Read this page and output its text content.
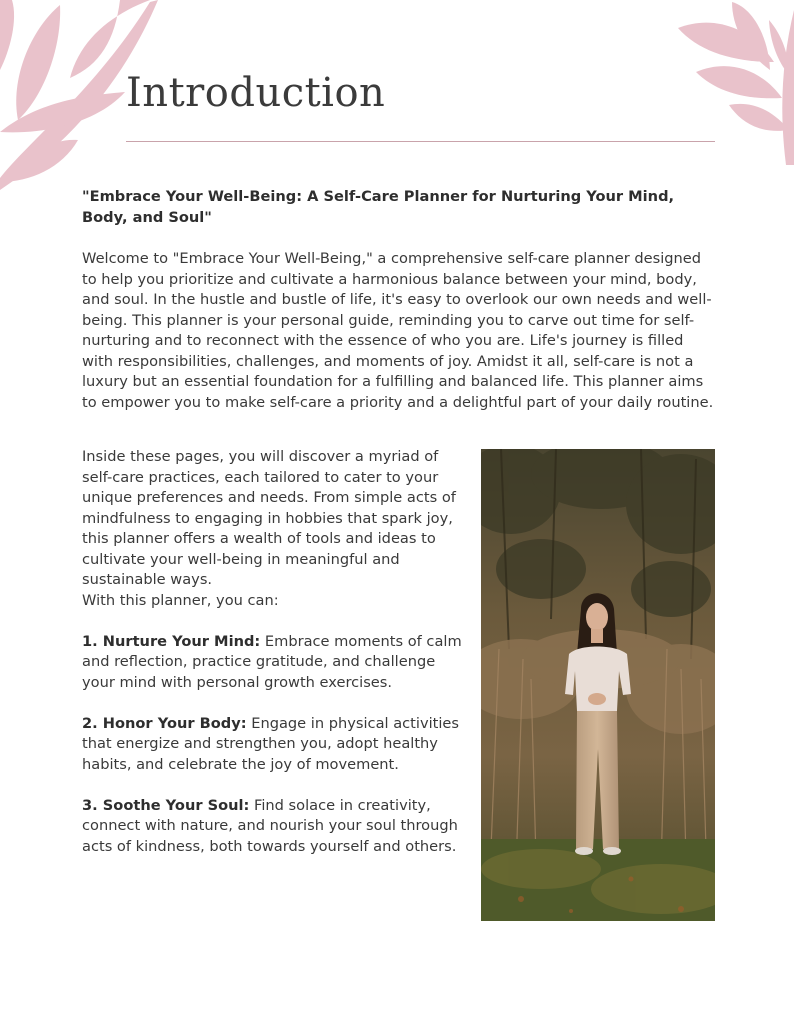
Introduction

"Embrace Your Well-Being: A Self-Care Planner for Nurturing Your Mind, Body, and Soul"

Welcome to "Embrace Your Well-Being," a comprehensive self-care planner designed to help you prioritize and cultivate a harmonious balance between your mind, body, and soul. In the hustle and bustle of life, it's easy to overlook our own needs and well-being. This planner is your personal guide, reminding you to carve out time for self-nurturing and to reconnect with the essence of who you are. Life's journey is filled with responsibilities, challenges, and moments of joy. Amidst it all, self-care is not a luxury but an essential foundation for a fulfilling and balanced life. This planner aims to empower you to make self-care a priority and a delightful part of your daily routine.

Inside these pages, you will discover a myriad of self-care practices, each tailored to cater to your unique preferences and needs. From simple acts of mindfulness to engaging in hobbies that spark joy, this planner offers a wealth of tools and ideas to cultivate your well-being in meaningful and sustainable ways.

With this planner, you can:

1. Nurture Your Mind: Embrace moments of calm and reflection, practice gratitude, and challenge your mind with personal growth exercises.

2. Honor Your Body: Engage in physical activities that energize and strengthen you, adopt healthy habits, and celebrate the joy of movement.

3. Soothe Your Soul: Find solace in creativity, connect with nature, and nourish your soul through acts of kindness, both towards yourself and others.
